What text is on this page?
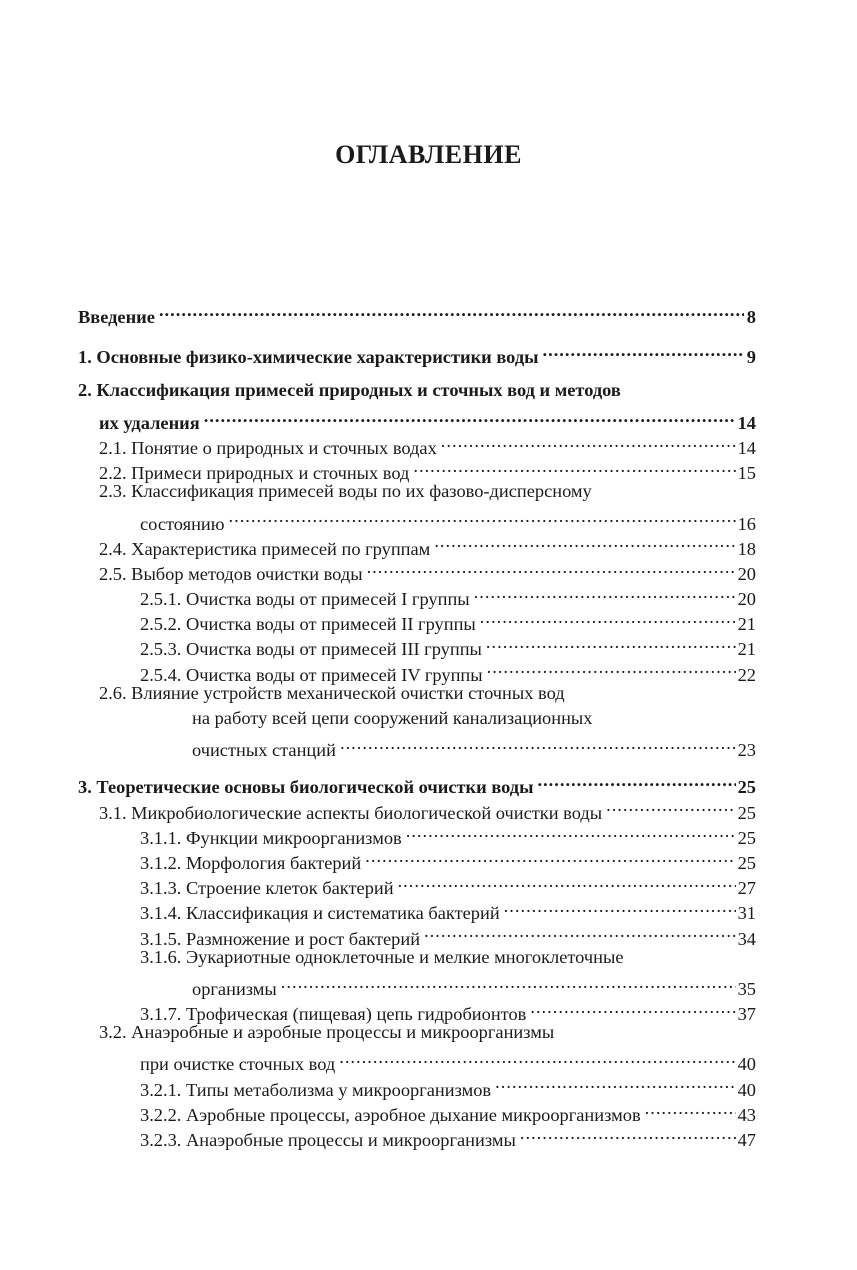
ОГЛАВЛЕНИЕ
Введение .....	8
1. Основные физико-химические характеристики воды .....	9
2. Классификация примесей природных и сточных вод и методов
их удаления .....	14
2.1. Понятие о природных и сточных водах .....	14
2.2. Примеси природных и сточных вод .....	15
2.3. Классификация примесей воды по их фазово-дисперсному
состоянию .....	16
2.4. Характеристика примесей по группам .....	18
2.5. Выбор методов очистки воды .....	20
2.5.1. Очистка воды от примесей I группы .....	20
2.5.2. Очистка воды от примесей II группы .....	21
2.5.3. Очистка воды от примесей III группы .....	21
2.5.4. Очистка воды от примесей IV группы .....	22
2.6. Влияние устройств механической очистки сточных вод
на работу всей цепи сооружений канализационных
очистных станций .....	23
3. Теоретические основы биологической очистки воды .....	25
3.1. Микробиологические аспекты биологической очистки воды .....	25
3.1.1. Функции микроорганизмов .....	25
3.1.2. Морфология бактерий .....	25
3.1.3. Строение клеток бактерий .....	27
3.1.4. Классификация и систематика бактерий .....	31
3.1.5. Размножение и рост бактерий .....	34
3.1.6. Эукариотные одноклеточные и мелкие многоклеточные
организмы .....	35
3.1.7. Трофическая (пищевая) цепь гидробионтов .....	37
3.2. Анаэробные и аэробные процессы и микроорганизмы
при очистке сточных вод .....	40
3.2.1. Типы метаболизма у микроорганизмов .....	40
3.2.2. Аэробные процессы, аэробное дыхание микроорганизмов .....	43
3.2.3. Анаэробные процессы и микроорганизмы .....	47
